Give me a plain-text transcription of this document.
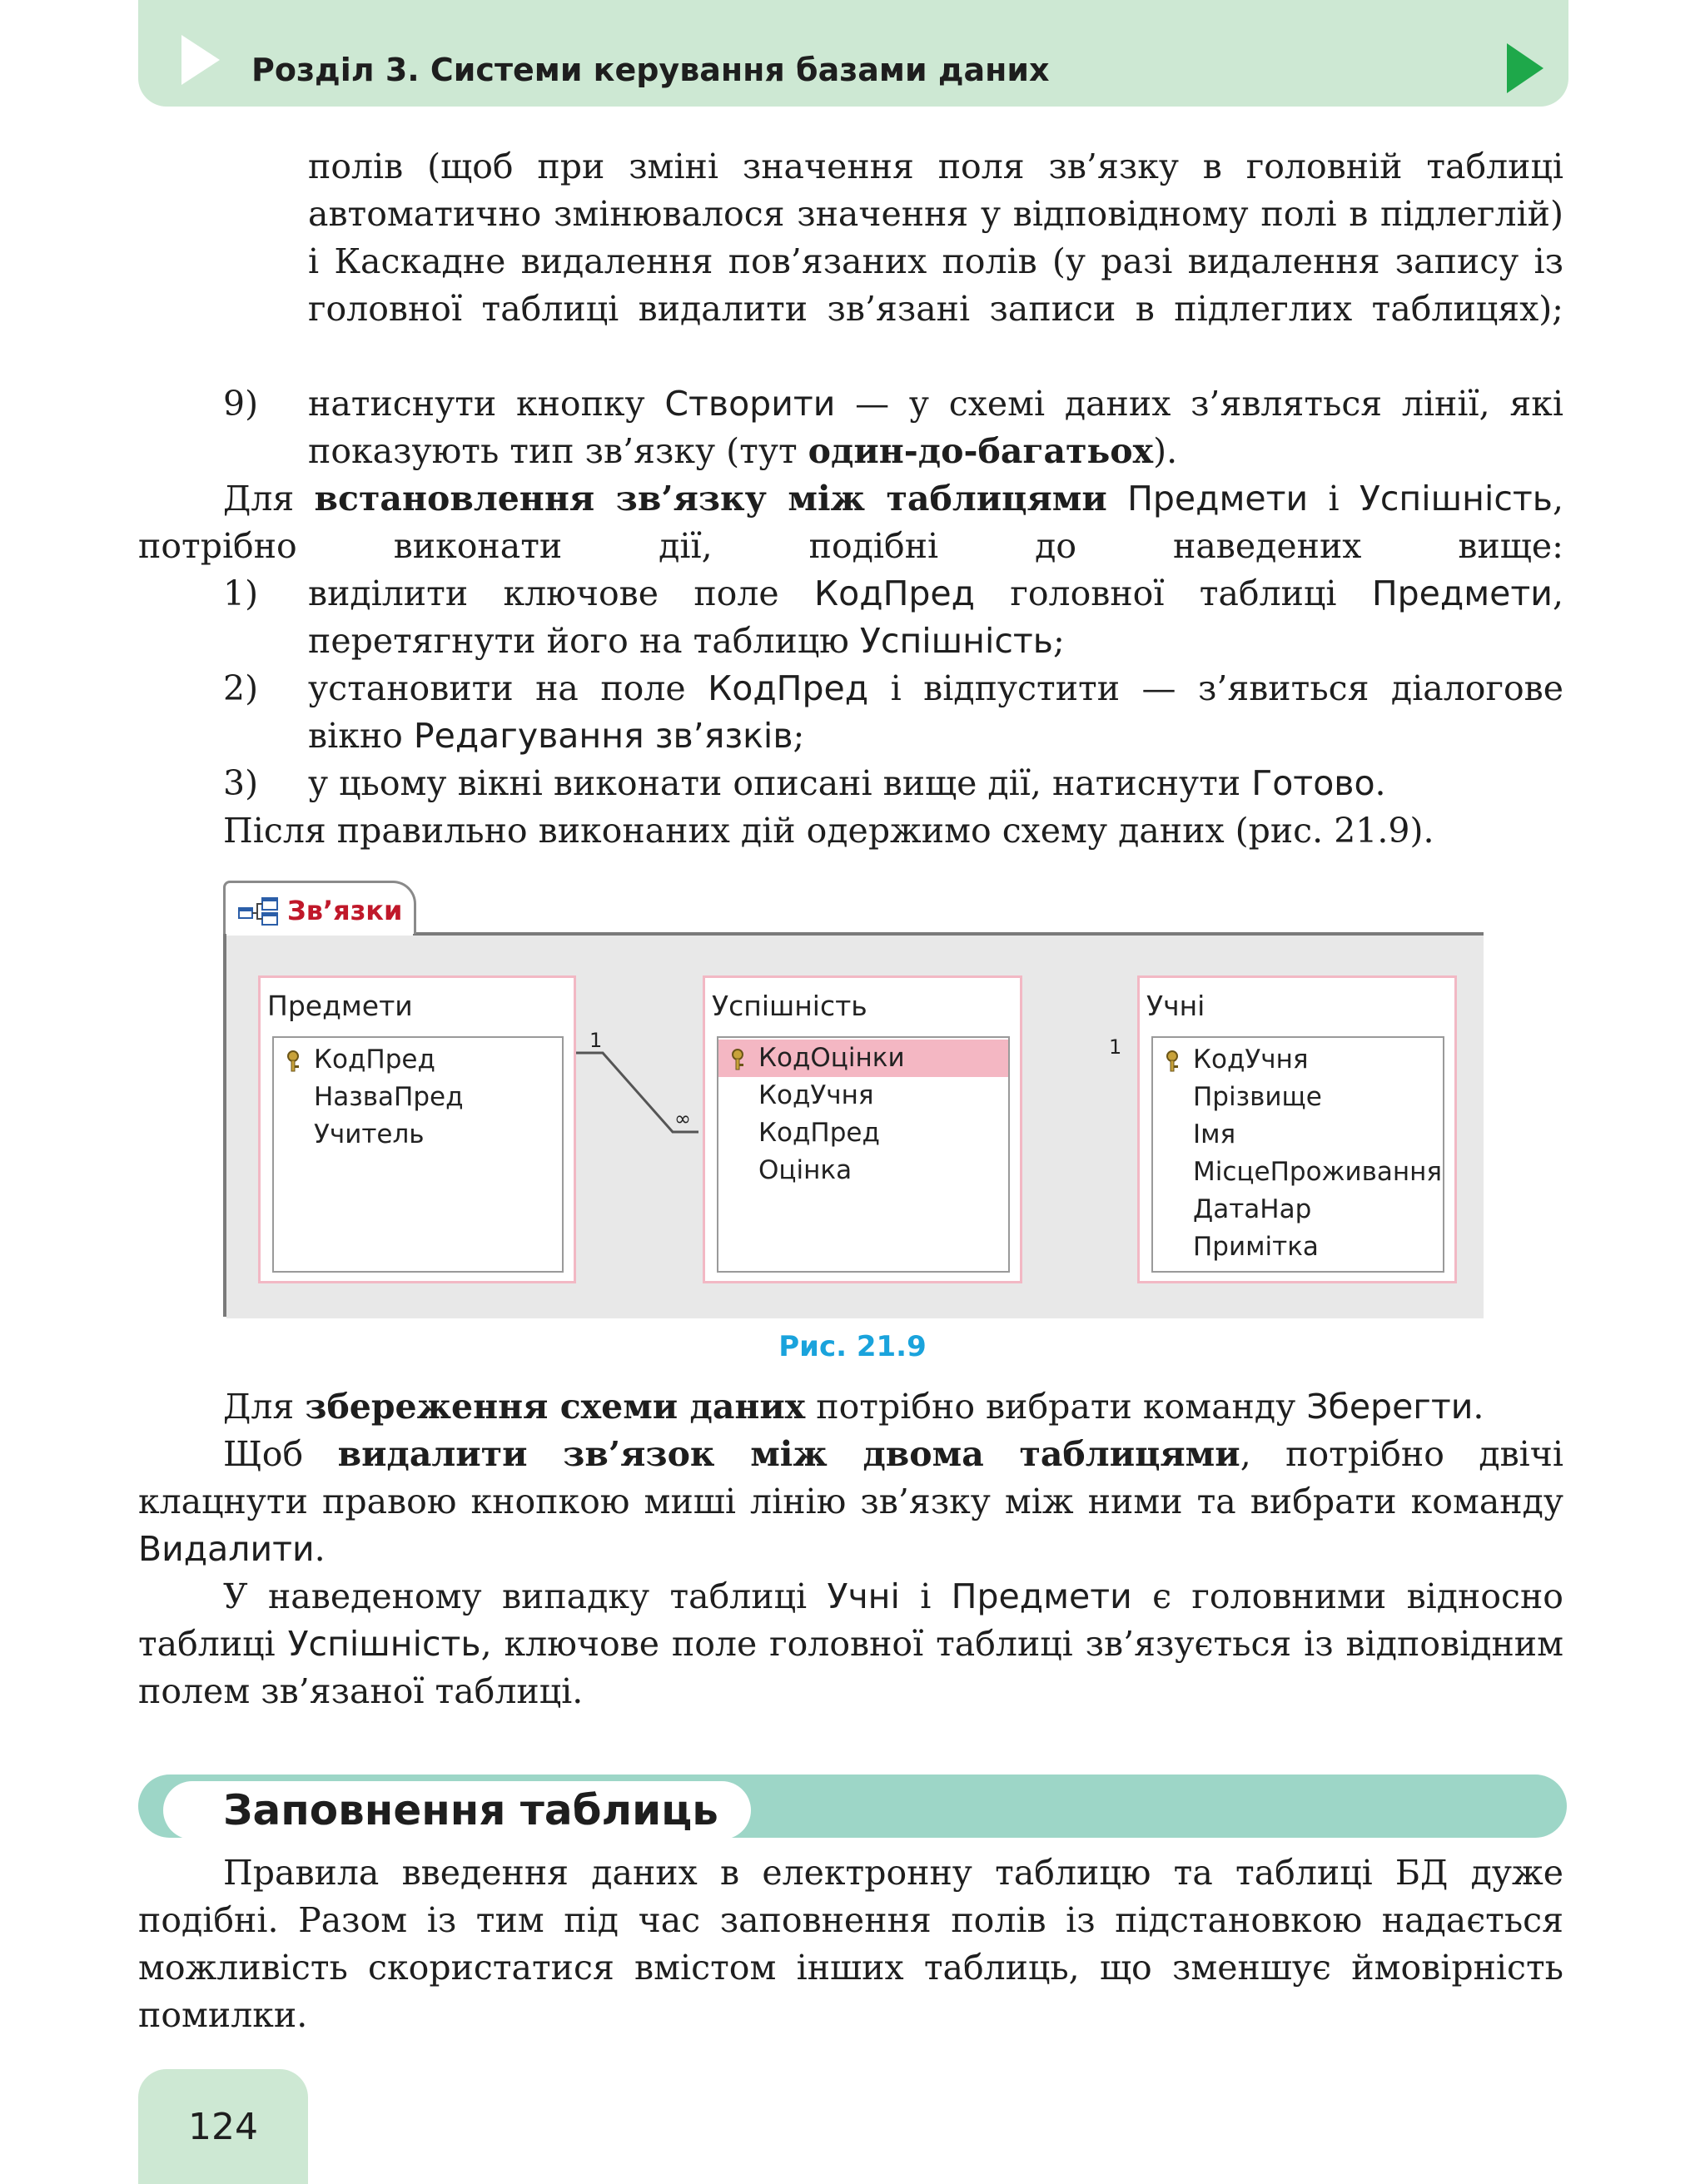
Розділ 3. Системи керування базами даних
полів (щоб при зміні значення поля зв’язку в головній таблиці автоматично змінювалося значення у відповідному полі в підлеглій) і Каскадне видалення пов’язаних полів (у разі видалення запису із головної таблиці видалити зв’язані записи в підлеглих таблицях);
9) натиснути кнопку Створити — у схемі даних з’являться лінії, які показують тип зв’язку (тут один-до-багатьох).
Для встановлення зв’язку між таблицями Предмети і Успішність, потрібно виконати дії, подібні до наведених вище:
1) виділити ключове поле КодПред головної таблиці Предмети, перетягнути його на таблицю Успішність;
2) установити на поле КодПред і відпустити — з’явиться діалогове вікно Редагування зв’язків;
3) у цьому вікні виконати описані вище дії, натиснути Готово.
Після правильно виконаних дій одержимо схему даних (рис. 21.9).
Зв’язки
1
∞
1
Предмети
КодПред
НазваПред
Учитель
Успішність
КодОцінки
КодУчня
КодПред
Оцінка
Учні
КодУчня
Прізвище
Імя
МісцеПроживання
ДатаНар
Примітка
Рис. 21.9
Для збереження схеми даних потрібно вибрати команду Зберегти.
Щоб видалити зв’язок між двома таблицями, потрібно двічі клацнути правою кнопкою миші лінію зв’язку між ними та вибрати команду Видалити.
У наведеному випадку таблиці Учні і Предмети є головними відносно таблиці Успішність, ключове поле головної таблиці зв’язується із відповідним полем зв’язаної таблиці.
Заповнення таблиць
Правила введення даних в електронну таблицю та таблиці БД дуже подібні. Разом із тим під час заповнення полів із підстановкою надається можливість скористатися вмістом інших таблиць, що зменшує ймовірність помилки.
124
